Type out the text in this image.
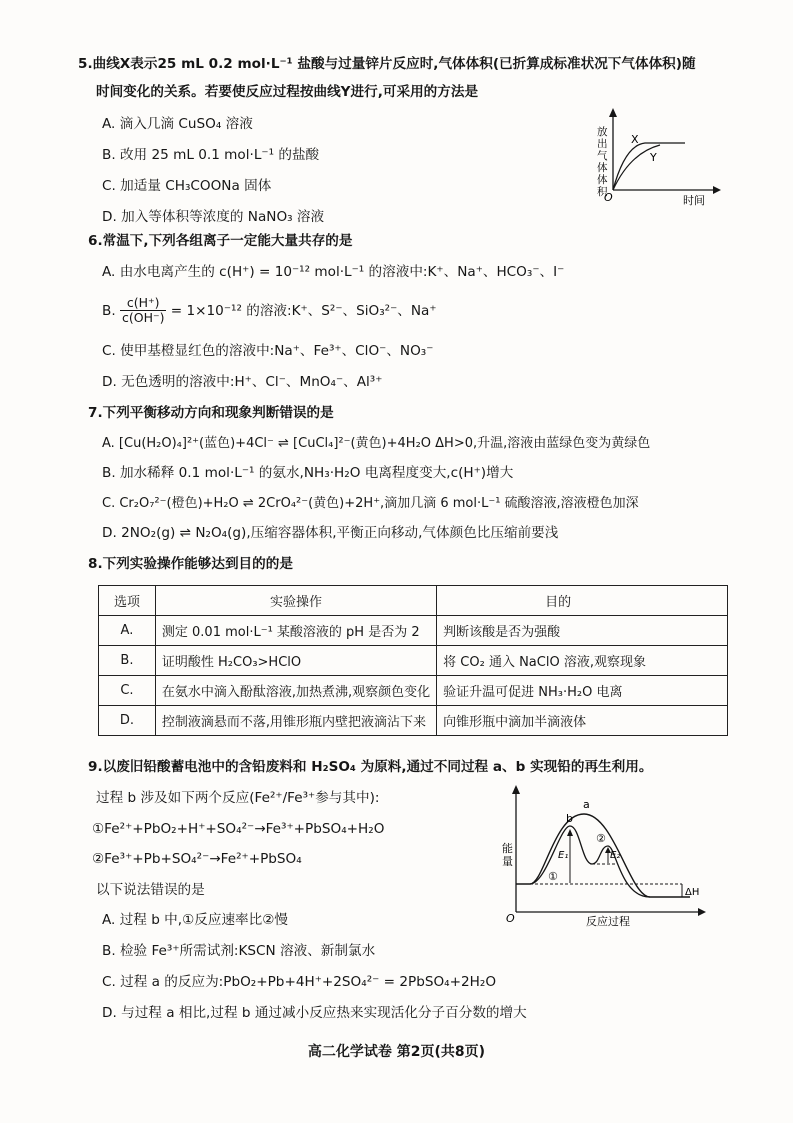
5.曲线X表示25 mL 0.2 mol·L⁻¹ 盐酸与过量锌片反应时,气体体积(已折算成标准状况下气体体积)随
时间变化的关系。若要使反应过程按曲线Y进行,可采用的方法是
A. 滴入几滴 CuSO₄ 溶液
B. 改用 25 mL 0.1 mol·L⁻¹ 的盐酸
C. 加适量 CH₃COONa 固体
D. 加入等体积等浓度的 NaNO₃ 溶液
X
Y
O	时间
放
出
气
体
体
积
6.常温下,下列各组离子一定能大量共存的是
A. 由水电离产生的 c(H⁺) = 10⁻¹² mol·L⁻¹ 的溶液中:K⁺、Na⁺、HCO₃⁻、I⁻
B. $\frac{c(H^+)}{c(OH^-)} = 1\times 10^{-12}$ 的溶液:K⁺、S²⁻、SiO₃²⁻、Na⁺
C. 使甲基橙显红色的溶液中:Na⁺、Fe³⁺、ClO⁻、NO₃⁻
D. 无色透明的溶液中:H⁺、Cl⁻、MnO₄⁻、Al³⁺
7.下列平衡移动方向和现象判断错误的是
A. [Cu(H₂O)₄]²⁺(蓝色)+4Cl⁻ ⇌ [CuCl₄]²⁻(黄色)+4H₂O ΔH>0,升温,溶液由蓝绿色变为黄绿色
B. 加水稀释 0.1 mol·L⁻¹ 的氨水,NH₃·H₂O 电离程度变大,c(H⁺)增大
C. Cr₂O₇²⁻(橙色)+H₂O ⇌ 2CrO₄²⁻(黄色)+2H⁺,滴加几滴 6 mol·L⁻¹ 硫酸溶液,溶液橙色加深
D. 2NO₂(g) ⇌ N₂O₄(g),压缩容器体积,平衡正向移动,气体颜色比压缩前要浅
8.下列实验操作能够达到目的的是
选项	实验操作	目的
A.	测定 0.01 mol·L⁻¹ 某酸溶液的 pH 是否为 2	判断该酸是否为强酸
B.	证明酸性 H₂CO₃>HClO	将 CO₂ 通入 NaClO 溶液,观察现象
C.	在氨水中滴入酚酞溶液,加热煮沸,观察颜色变化	验证升温可促进 NH₃·H₂O 电离
D.	控制液滴悬而不落,用锥形瓶内壁把液滴沾下来	向锥形瓶中滴加半滴液体
9.以废旧铅酸蓄电池中的含铅废料和 H₂SO₄ 为原料,通过不同过程 a、b 实现铅的再生利用。
过程 b 涉及如下两个反应(Fe²⁺/Fe³⁺参与其中):
①Fe²⁺+PbO₂+H⁺+SO₄²⁻→Fe³⁺+PbSO₄+H₂O
②Fe³⁺+Pb+SO₄²⁻→Fe²⁺+PbSO₄
以下说法错误的是
A. 过程 b 中,①反应速率比②慢
B. 检验 Fe³⁺所需试剂:KSCN 溶液、新制氯水
C. 过程 a 的反应为:PbO₂+Pb+4H⁺+2SO₄²⁻ = 2PbSO₄+2H₂O
D. 与过程 a 相比,过程 b 通过减小反应热来实现活化分子百分数的增大
a
b
E₁	E₂
①
②
ΔH
O	反应过程
能
量
高二化学试卷 第2页(共8页)
